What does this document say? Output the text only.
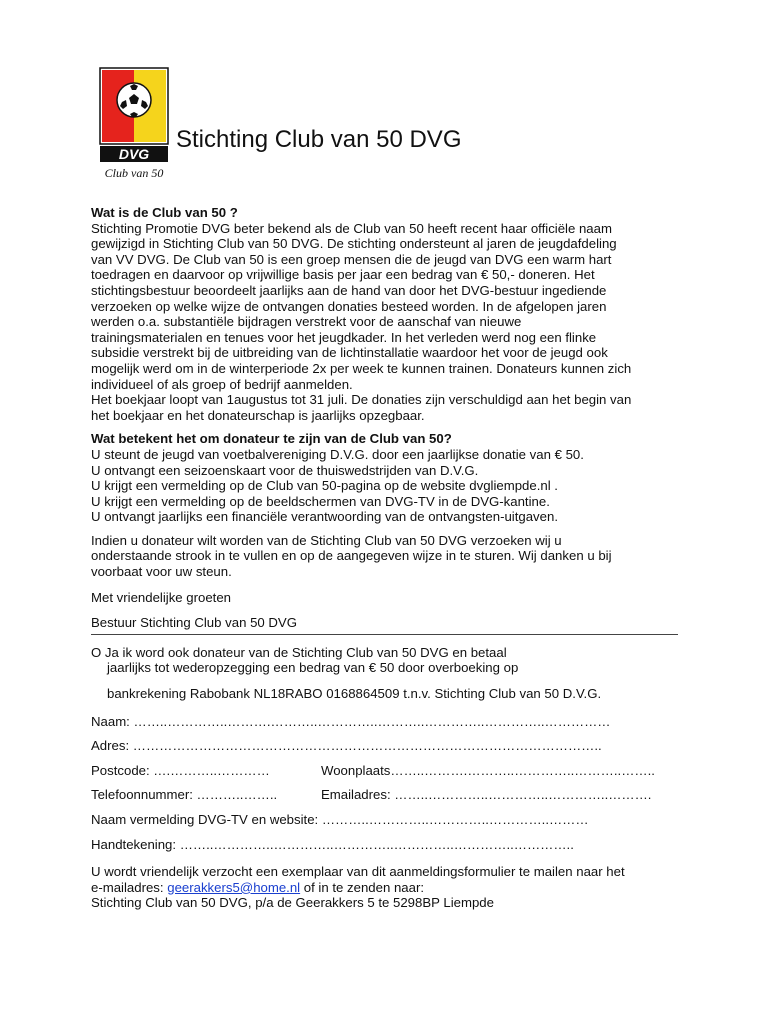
DVG
Club van 50
Stichting Club van 50 DVG

Wat is de Club van 50 ?

Stichting Promotie DVG beter bekend als de Club van 50 heeft recent haar officiële naam

gewijzigd in Stichting Club van 50 DVG. De stichting ondersteunt al jaren de jeugdafdeling

van VV DVG. De Club van 50 is een groep mensen die de jeugd van DVG een warm hart

toedragen en daarvoor op vrijwillige basis per jaar een bedrag van € 50,- doneren. Het

stichtingsbestuur beoordeelt jaarlijks aan de hand van door het DVG-bestuur ingediende

verzoeken op welke wijze de ontvangen donaties besteed worden. In de afgelopen jaren

werden o.a. substantiële bijdragen verstrekt voor de aanschaf van nieuwe

trainingsmaterialen en tenues voor het jeugdkader. In het verleden werd nog een flinke

subsidie verstrekt bij de uitbreiding van de lichtinstallatie waardoor het voor de jeugd ook

mogelijk werd om in de winterperiode 2x per week te kunnen trainen. Donateurs kunnen zich

individueel of als groep of bedrijf aanmelden.

Het boekjaar loopt van 1augustus tot 31 juli. De donaties zijn verschuldigd aan het begin van

het boekjaar en het donateurschap is jaarlijks opzegbaar.

Wat betekent het om donateur te zijn van de Club van 50?

U steunt de jeugd van voetbalvereniging D.V.G. door een jaarlijkse donatie van € 50.

U ontvangt een seizoenskaart voor de thuiswedstrijden van D.V.G.

U krijgt een vermelding op de Club van 50-pagina op de website dvgliempde.nl .

U krijgt een vermelding op de beeldschermen van DVG-TV in de DVG-kantine.

U ontvangt jaarlijks een financiële verantwoording van de ontvangsten-uitgaven.

Indien u donateur wilt worden van de Stichting Club van 50 DVG verzoeken wij u

onderstaande strook in te vullen en op de aangegeven wijze in te sturen. Wij danken u bij

voorbaat voor uw steun.

Met vriendelijke groeten

Bestuur Stichting Club van 50 DVG

O Ja ik word ook donateur van de Stichting Club van 50 DVG en betaal

jaarlijks tot wederopzegging een bedrag van € 50 door overboeking op

bankrekening Rabobank NL18RABO 0168864509 t.n.v. Stichting Club van 50 D.V.G.

Naam: ……..…………..……….………..…………..………..…………..…………..……………

Adres: ……………………………………………………………………………………………..

Postcode: ….………..…………	Woonplaats……..……….………..…………..………..……..
Telefoonnummer: ………..……..	Emailadres: ……..…………..…………..…………..……….

Naam vermelding DVG-TV en website: ………..…………..…………..…………..………

Handtekening: ……..…………..…………..…………..…………..…………..…………..

U wordt vriendelijk verzocht een exemplaar van dit aanmeldingsformulier te mailen naar het

e-mailadres: geerakkers5@home.nl of in te zenden naar:

Stichting Club van 50 DVG, p/a de Geerakkers 5 te 5298BP Liempde
